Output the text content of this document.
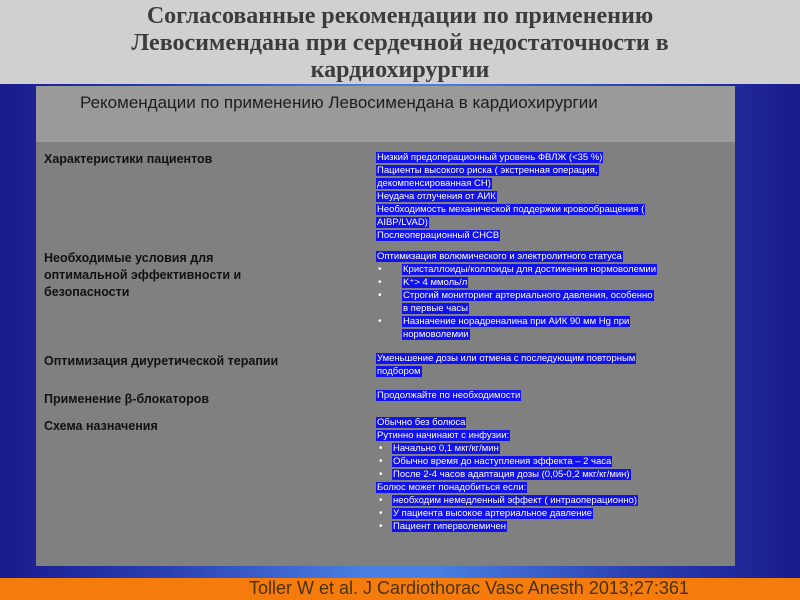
Согласованные рекомендации по применению
Левосимендана при сердечной недостаточности в
кардиохирургии
Рекомендации по применению Левосимендана в кардиохирургии
Характеристики пациентов
Необходимые условия для
оптимальной эффективности и
безопасности
Оптимизация диуретической терапии
Применение β-блокаторов
Схема назначения
Низкий предоперационный уровень ФВЛЖ (<35 %)
Пациенты высокого риска ( экстренная операция,
декомпенсированная СН)
Неудача отлучения от АИК
Необходимость механической поддержки кровообращения (
AIBP/LVAD)
Послеоперационный СНСВ
Оптимизация волюмического и электролитного статуса
• Кристаллоиды/коллоиды для достижения нормоволемии
• K⁺> 4 ммоль/л
• Строгий мониторинг артериального давления, особенно
в первые часы
• Назначение норадреналина при АИК 90 мм Hg при
нормоволемии
Уменьшение дозы или отмена с последующим повторным
подбором
Продолжайте по необходимости
Обычно без болюса
Рутинно начинают с инфузии:
• Начально 0,1 мкг/кг/мин
• Обычно время до наступления эффекта – 2 часа
• После 2-4 часов адаптация дозы (0,05-0,2 мкг/кг/мин)
Болюс может понадобиться если:
• необходим немедленный эффект ( интраоперационно)
• У пациента высокое артериальное давление
• Пациент гиперволемичен
Toller W et al. J Cardiothorac Vasc Anesth 2013;27:361
